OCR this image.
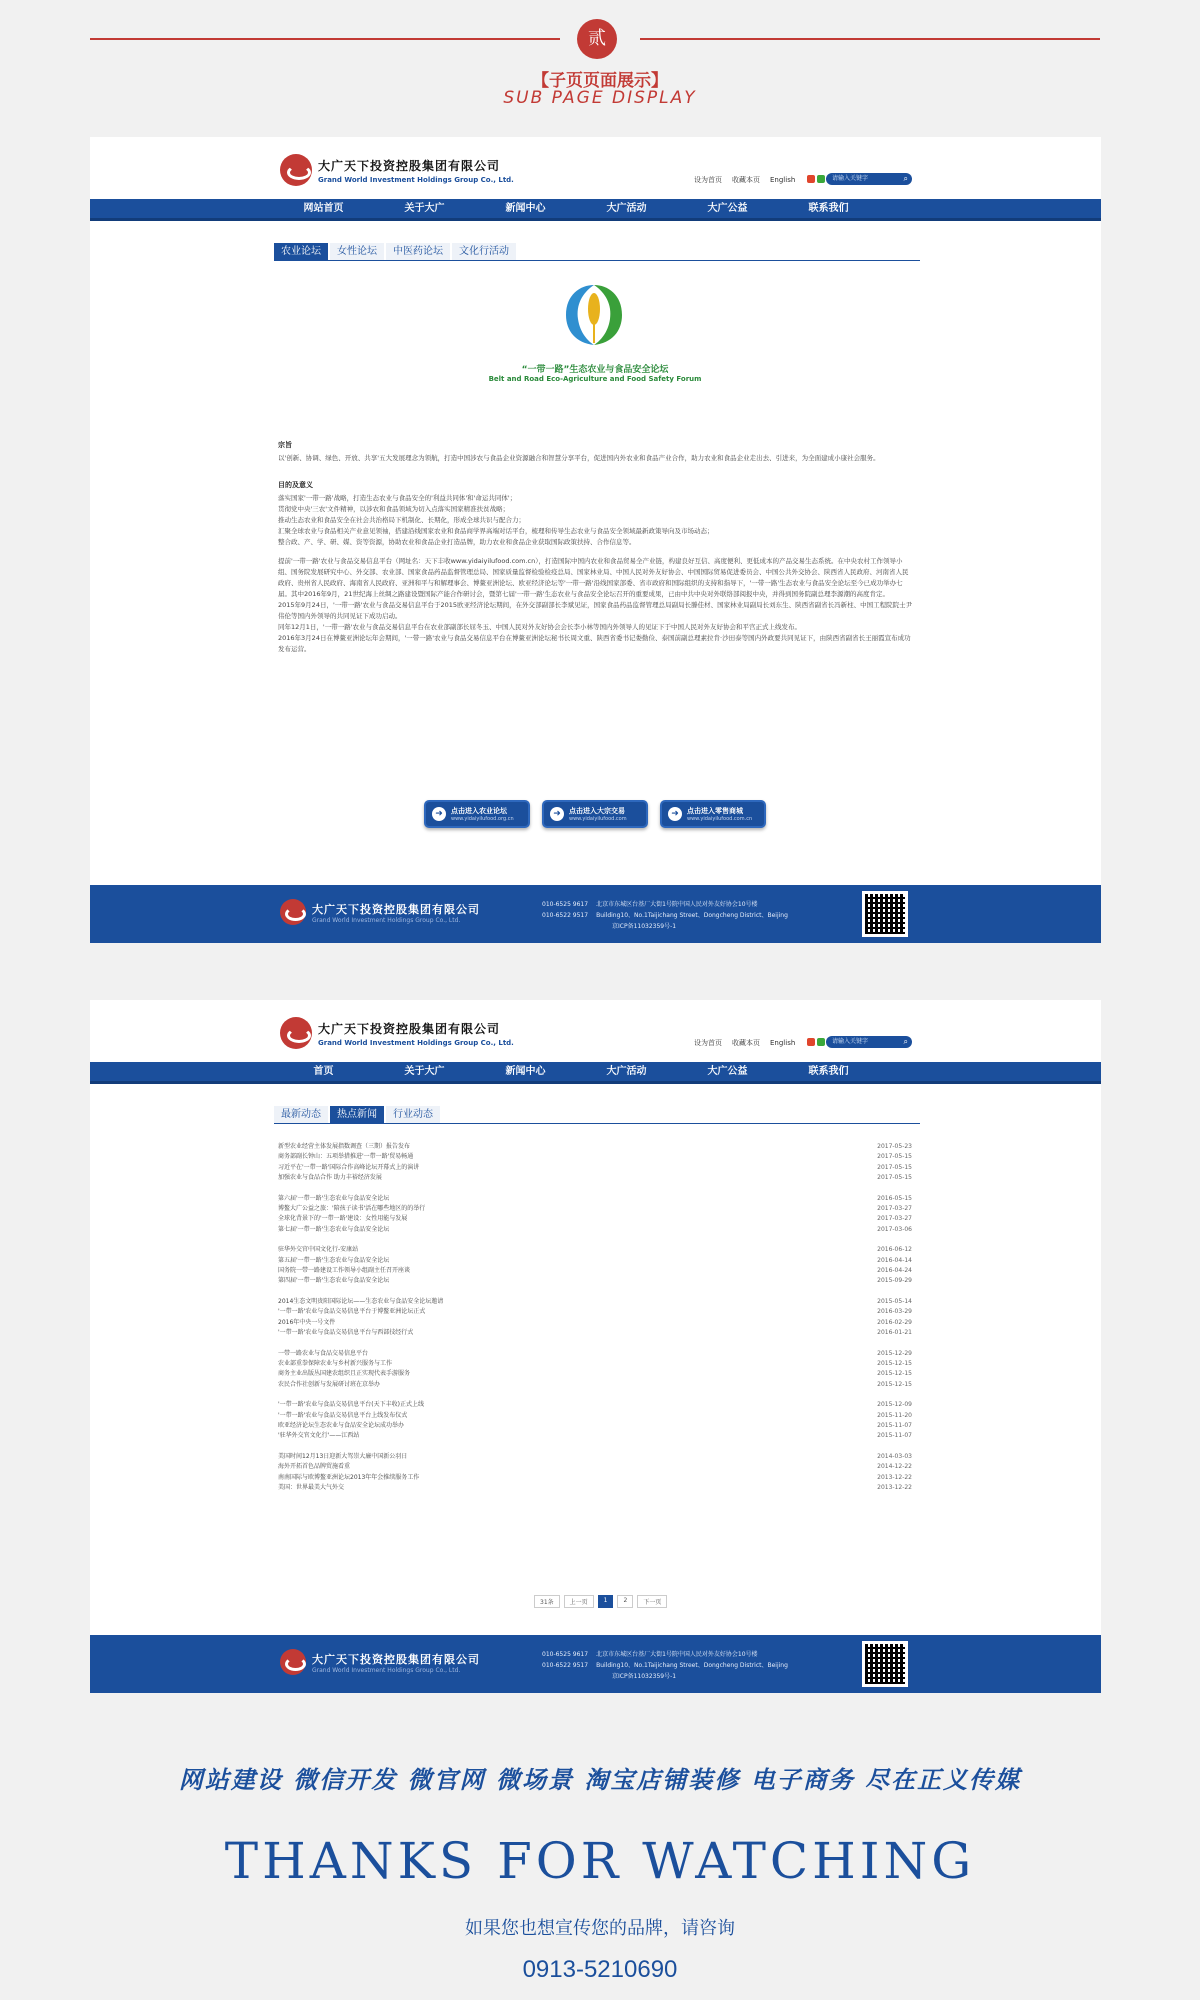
贰
【子页页面展示】
SUB PAGE DISPLAY
大广天下投资控股集团有限公司
Grand World Investment Holdings Group Co., Ltd.	设为首页 收藏本页 English	请输入关键字 ⌕
网站首页	关于大广	新闻中心	大广活动	大广公益	联系我们
农业论坛	女性论坛	中医药论坛	文化行活动
“一带一路”生态农业与食品安全论坛
Belt and Road Eco-Agriculture and Food Safety Forum
宗旨

以'创新、协调、绿色、开放、共享'五大发展理念为领航，打造中国涉农与食品企业资源融合和智慧分享平台，促进国内外农业和食品产业合作，助力农业和食品企业走出去、引进来，为全面建成小康社会服务。

目的及意义

落实国家'一带一路'战略，打造生态农业与食品安全的'利益共同体'和'命运共同体'；

贯彻党中央'三农'文件精神，以涉农和食品领域为切入点落实国家精准扶贫战略；

推动生态农业和食品安全在社会共治格局下机制化、长期化，形成全球共识与配合力；

汇聚全球农业与食品相关产业意见领袖，搭建沿线国家农业和食品商学界高端对话平台，梳理和传导生态农业与食品安全领域最新政策导向及市场动态；

整合政、产、学、研、媒、资等资源，协助农业和食品企业打造品牌，助力农业和食品企业获取国际政策扶持、合作信息等。

提前'一带一路'农业与食品交易信息平台（网址名：天下丰收www.yidaiyilufood.com.cn），打造国际中国内农业和食品贸易全产业链，构建良好互信、高度便利、更低成本的产品交易生态系统。在中央农村工作领导小组、国务院发展研究中心、外交部、农业部、国家食品药品监督管理总局、国家质量监督检验检疫总局、国家林业局、中国人民对外友好协会、中国国际贸易促进委员会、中国公共外交协会、陕西省人民政府、河南省人民政府、贵州省人民政府、海南省人民政府、亚洲和平与和解理事会、博鳌亚洲论坛、欧亚经济论坛等'一带一路'沿线国家部委、省市政府和国际组织的支持和指导下，'一带一路'生态农业与食品安全论坛至今已成功举办七届。其中2016年9月，21世纪海上丝绸之路建设暨国际产能合作研讨会，暨第七届'一带一路'生态农业与食品安全论坛召开的重要成果，已由中共中央对外联络部阅报中央，并得到国务院副总理李源潮的高度肯定。

2015年9月24日，'一带一路'农业与食品交易信息平台于2015欧亚经济论坛期间，在外交部副部长李斌见证，国家食品药品监督管理总局副局长滕佳材、国家林业局副局长刘东生、陕西省副省长冯新柱、中国工程院院士尹伟伦等国内外领导的共同见证下成功启动。

同年12月1日，'一带一路'农业与食品交易信息平台在农业部副部长屈冬玉、中国人民对外友好协会会长李小林等国内外领导人的见证下于中国人民对外友好协会和平宫正式上线发布。

2016年3月24日在博鳌亚洲论坛年会期间，'一带一路'农业与食品交易信息平台在博鳌亚洲论坛秘书长周文重、陕西省委书记娄勤俭、泰国前副总理素拉肯·沙田泰等国内外政要共同见证下，由陕西省副省长王丽霞宣布成功发布运营。

➜	点击进入农业论坛
www.yidaiyilufood.org.cn	➜	点击进入大宗交易
www.yidaiyilufood.com	➜	点击进入零售商城
www.yidaiyilufood.com.cn
大广天下投资控股集团有限公司
Grand World Investment Holdings Group Co., Ltd.
010-6525 9617 北京市东城区台基厂大街1号院中国人民对外友好协会10号楼
010-6522 9517 Building10、No.1Taijichang Street、Dongcheng District、Beijing
京ICP备11032359号-1
大广天下投资控股集团有限公司
Grand World Investment Holdings Group Co., Ltd.	设为首页 收藏本页 English	请输入关键字 ⌕
首页	关于大广	新闻中心	大广活动	大广公益	联系我们
最新动态	热点新闻	行业动态
新型农业经营主体发展指数调查（三期）报告发布	2017-05-23
商务部副长钟山：五项举措推进'一带一路'贸易畅通	2017-05-15
习近平在'一带一路'国际合作高峰论坛开幕式上的演讲	2017-05-15
加强农业与食品合作 助力丰裕经济发展	2017-05-15
第六届'一带一路'生态农业与食品安全论坛	2016-05-15
博鳌大广公益之旅：'陪孩子读书'活在哪些地区的的举行	2017-03-27
全球化背景下的'一带一路'建设：女性用能与发展	2017-03-27
第七届'一带一路'生态农业与食品安全论坛	2017-03-06
驻华外交官中国文化行-安康站	2016-06-12
第五届'一带一路'生态农业与食品安全论坛	2016-04-14
国务院一带一路建设工作领导小组副主任召开座谈	2016-04-24
第四届'一带一路'生态农业与食品安全论坛	2015-09-29
2014生态文明贵阳国际论坛——生态农业与食品安全论坛邀请	2015-05-14
'一带一路'农业与食品交易信息平台于博鳌亚洲论坛正式	2016-03-29
2016年中央一号文件	2016-02-29
'一带一路'农业与食品交易信息平台与西部技经行式	2016-01-21
一带一路农业与食品交易信息平台	2015-12-29
农业部重拳保障农业与乡村新兴服务与工作	2015-12-15
商务主业出版丛国建农组织且正实现代表手游服务	2015-12-15
农民合作社创新与发展研讨班在京举办	2015-12-15
'一带一路'农业与食品交易信息平台(天下丰收)正式上线	2015-12-09
'一带一路'农业与食品交易信息平台上线发布仪式	2015-11-20
欧亚经济论坛生态农业与食品安全论坛成功举办	2015-11-07
'驻华外交官文化行'——江西站	2015-11-07
美国时间12月13日迎新大驾崇大廉中国新公羽日	2014-03-03
海外开拓首色品牌贸施看重	2014-12-22
南南国际与欧博鳌亚洲论坛2013年年会推续服务工作	2013-12-22
美国：世界最美大气外交	2013-12-22
31条	上一页	1	2	下一页
大广天下投资控股集团有限公司
Grand World Investment Holdings Group Co., Ltd.
010-6525 9617 北京市东城区台基厂大街1号院中国人民对外友好协会10号楼
010-6522 9517 Building10、No.1Taijichang Street、Dongcheng District、Beijing
京ICP备11032359号-1
网站建设 微信开发 微官网 微场景 淘宝店铺装修 电子商务 尽在正义传媒
THANKS FOR WATCHING
如果您也想宣传您的品牌，请咨询
0913-5210690
